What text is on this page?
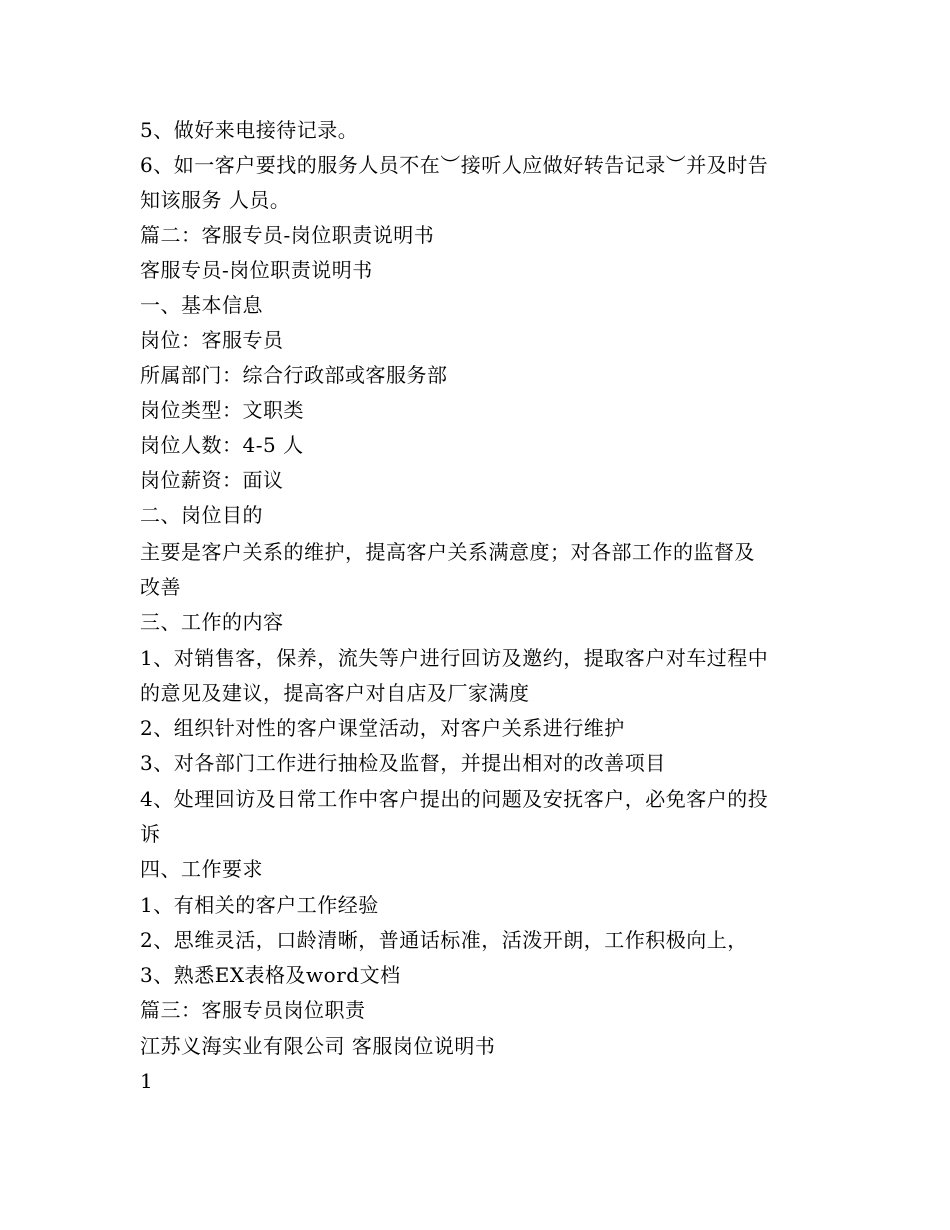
5、做好来电接待记录。
6、如一客户要找的服务人员不在︶接听人应做好转告记录︶并及时告
知该服务 人员。
篇二：客服专员-岗位职责说明书
客服专员-岗位职责说明书
一、基本信息
岗位：客服专员
所属部门：综合行政部或客服务部
岗位类型：文职类
岗位人数：4-5 人
岗位薪资：面议
二、岗位目的
主要是客户关系的维护，提高客户关系满意度；对各部工作的监督及
改善
三、工作的内容
1、对销售客，保养，流失等户进行回访及邀约，提取客户对车过程中
的意见及建议，提高客户对自店及厂家满度
2、组织针对性的客户课堂活动，对客户关系进行维护
3、对各部门工作进行抽检及监督，并提出相对的改善项目
4、处理回访及日常工作中客户提出的问题及安抚客户，必免客户的投
诉
四、工作要求
1、有相关的客户工作经验
2、思维灵活，口龄清晰，普通话标准，活泼开朗，工作积极向上，
3、熟悉EX表格及word文档
篇三：客服专员岗位职责
江苏义海实业有限公司 客服岗位说明书
1
